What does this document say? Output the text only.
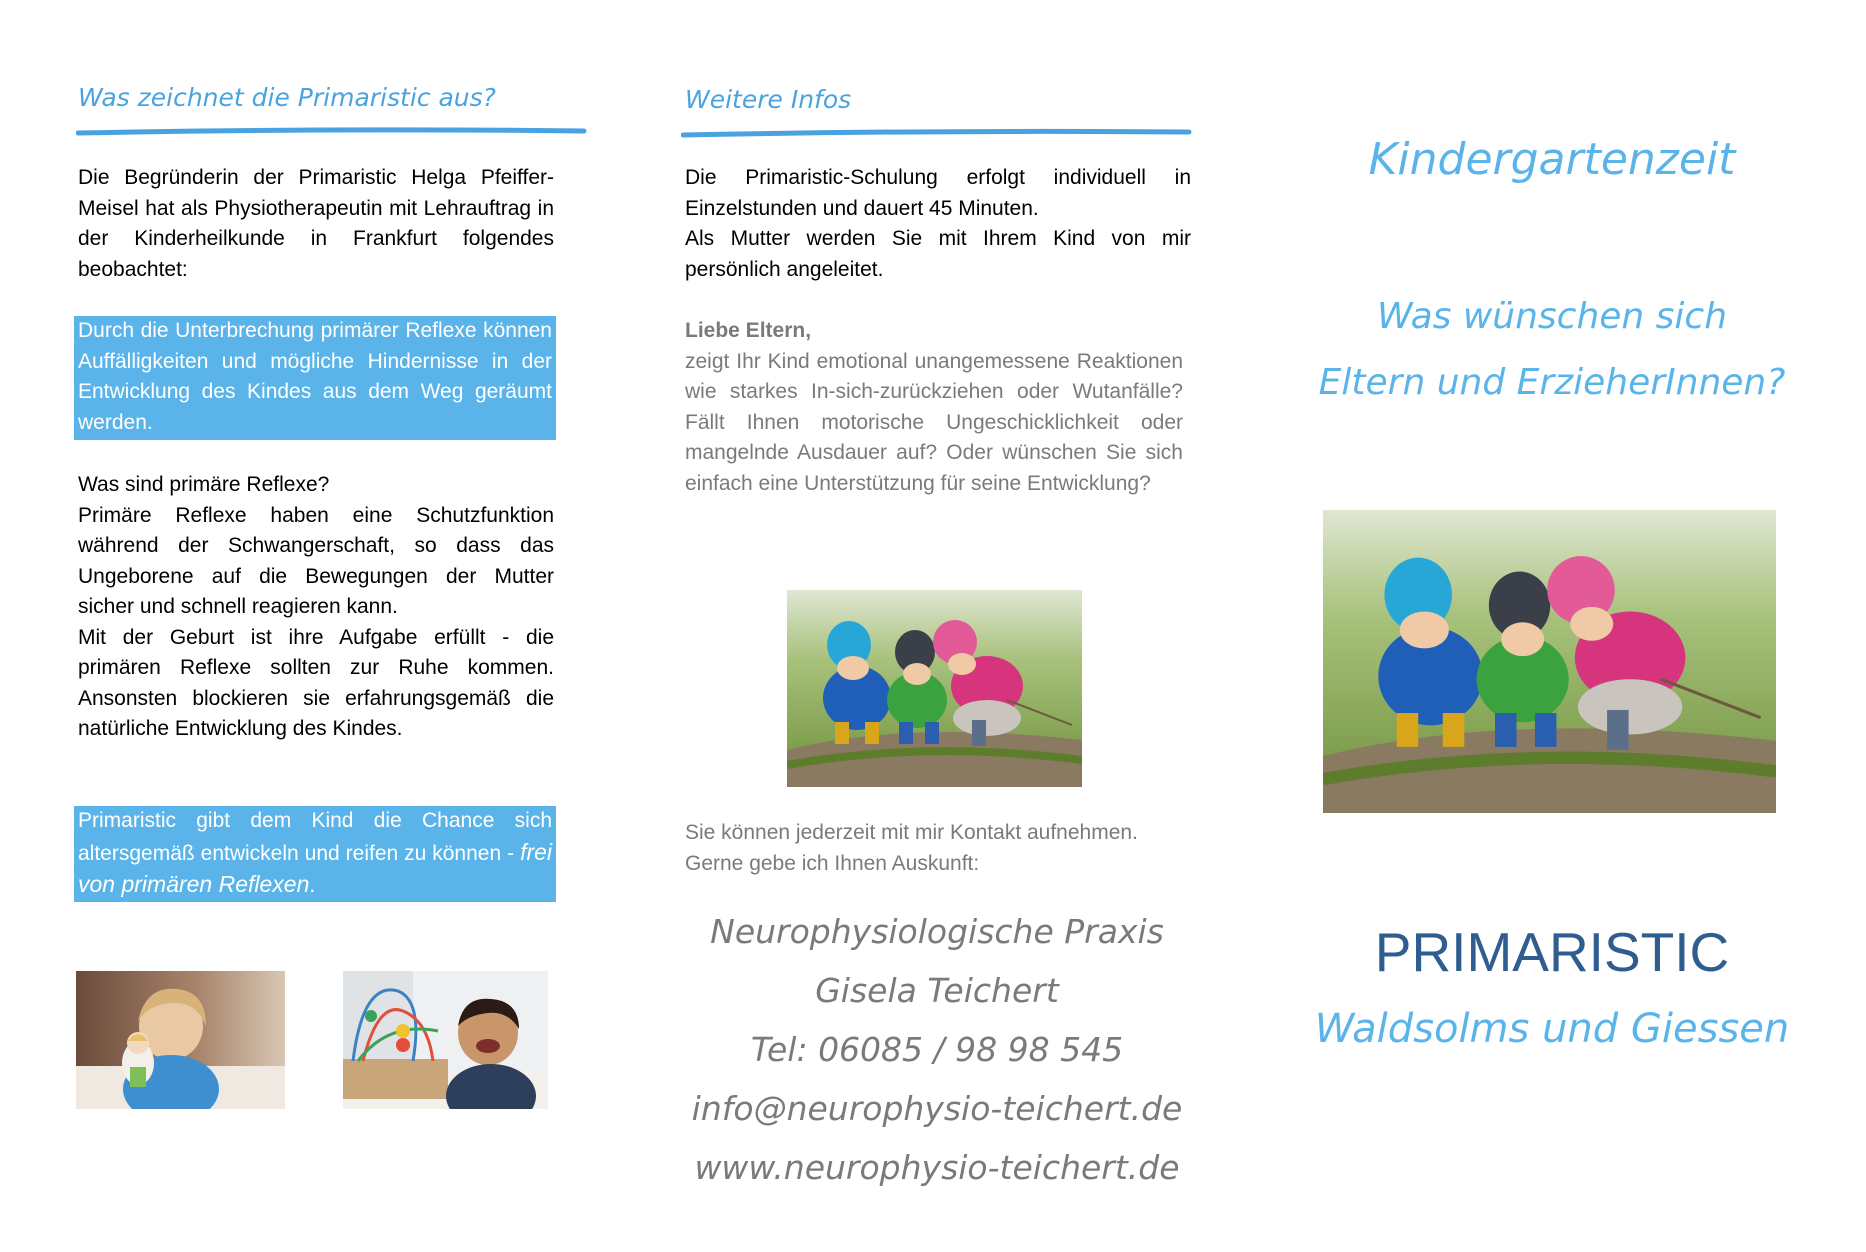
Was zeichnet die Primaristic aus?

Die Begründerin der Primaristic Helga Pfeiffer-Meisel hat als Physiotherapeutin mit Lehrauftrag in der Kinderheilkunde in Frankfurt folgendes beobachtet:

Durch die Unterbrechung primärer Reflexe können Auffälligkeiten und mögliche Hindernisse in der Entwicklung des Kindes aus dem Weg geräumt werden.

Was sind primäre Reflexe?

Primäre Reflexe haben eine Schutzfunktion während der Schwangerschaft, so dass das Ungeborene auf die Bewegungen der Mutter sicher und schnell reagieren kann.

Mit der Geburt ist ihre Aufgabe erfüllt - die primären Reflexe sollten zur Ruhe kommen. Ansonsten blockieren sie erfahrungsgemäß die natürliche Entwicklung des Kindes.

Primaristic gibt dem Kind die Chance sich altersgemäß entwickeln und reifen zu können - frei von primären Reflexen.
Weitere Infos

Die Primaristic-Schulung erfolgt individuell in Einzelstunden und dauert 45 Minuten.

Als Mutter werden Sie mit Ihrem Kind von mir persönlich angeleitet.

Liebe Eltern,

zeigt Ihr Kind emotional unangemessene Reaktionen wie starkes In-sich-zurückziehen oder Wutanfälle? Fällt Ihnen motorische Ungeschicklichkeit oder mangelnde Ausdauer auf? Oder wünschen Sie sich einfach eine Unterstützung für seine Entwicklung?

Sie können jederzeit mit mir Kontakt aufnehmen.

Gerne gebe ich Ihnen Auskunft:

Neurophysiologische Praxis
Gisela Teichert
Tel: 06085 / 98 98 545
info@neurophysio-teichert.de
www.neurophysio-teichert.de
Kindergartenzeit
Was wünschen sich
Eltern und ErzieherInnen?
PRIMARISTIC
Waldsolms und Giessen
